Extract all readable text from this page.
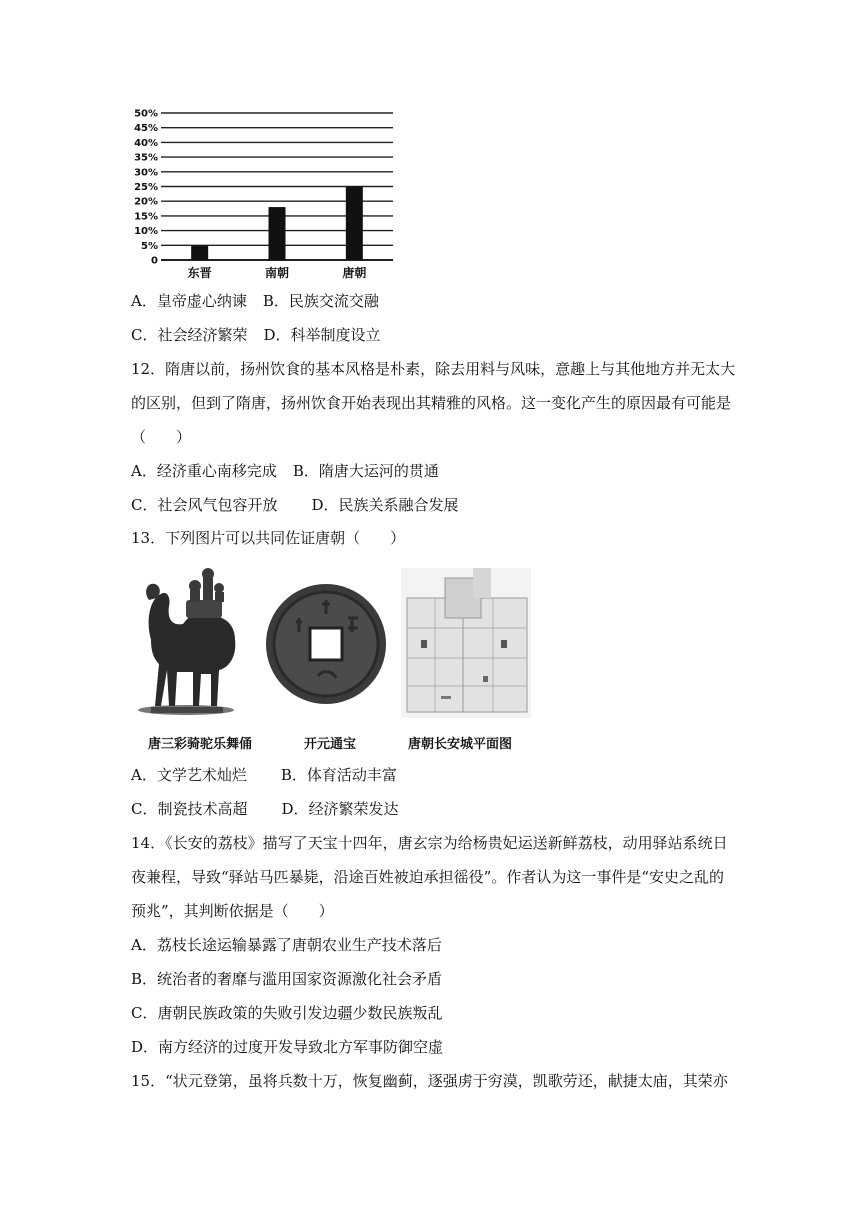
0
5%
10%
15%
20%
25%
30%
35%
40%
45%
50%
东晋	南朝	唐朝
A．皇帝虚心纳谏 B．民族交流交融
C．社会经济繁荣 D．科举制度设立
12．隋唐以前，扬州饮食的基本风格是朴素，除去用料与风味，意趣上与其他地方并无太大
的区别，但到了隋唐，扬州饮食开始表现出其精雅的风格。这一变化产生的原因最有可能是
（　　）
A．经济重心南移完成 B．隋唐大运河的贯通
C．社会风气包容开放 D．民族关系融合发展
13．下列图片可以共同佐证唐朝（　　）
唐三彩骑驼乐舞俑	开元通宝	唐朝长安城平面图
A．文学艺术灿烂 B．体育活动丰富
C．制瓷技术高超 D．经济繁荣发达
14．《长安的荔枝》描写了天宝十四年，唐玄宗为给杨贵妃运送新鲜荔枝，动用驿站系统日
夜兼程，导致“驿站马匹暴毙，沿途百姓被迫承担徭役”。作者认为这一事件是“安史之乱的
预兆”，其判断依据是（　　）
A．荔枝长途运输暴露了唐朝农业生产技术落后
B．统治者的奢靡与滥用国家资源激化社会矛盾
C．唐朝民族政策的失败引发边疆少数民族叛乱
D．南方经济的过度开发导致北方军事防御空虚
15．“状元登第，虽将兵数十万，恢复幽蓟，逐强虏于穷漠，凯歌劳还，献捷太庙，其荣亦
